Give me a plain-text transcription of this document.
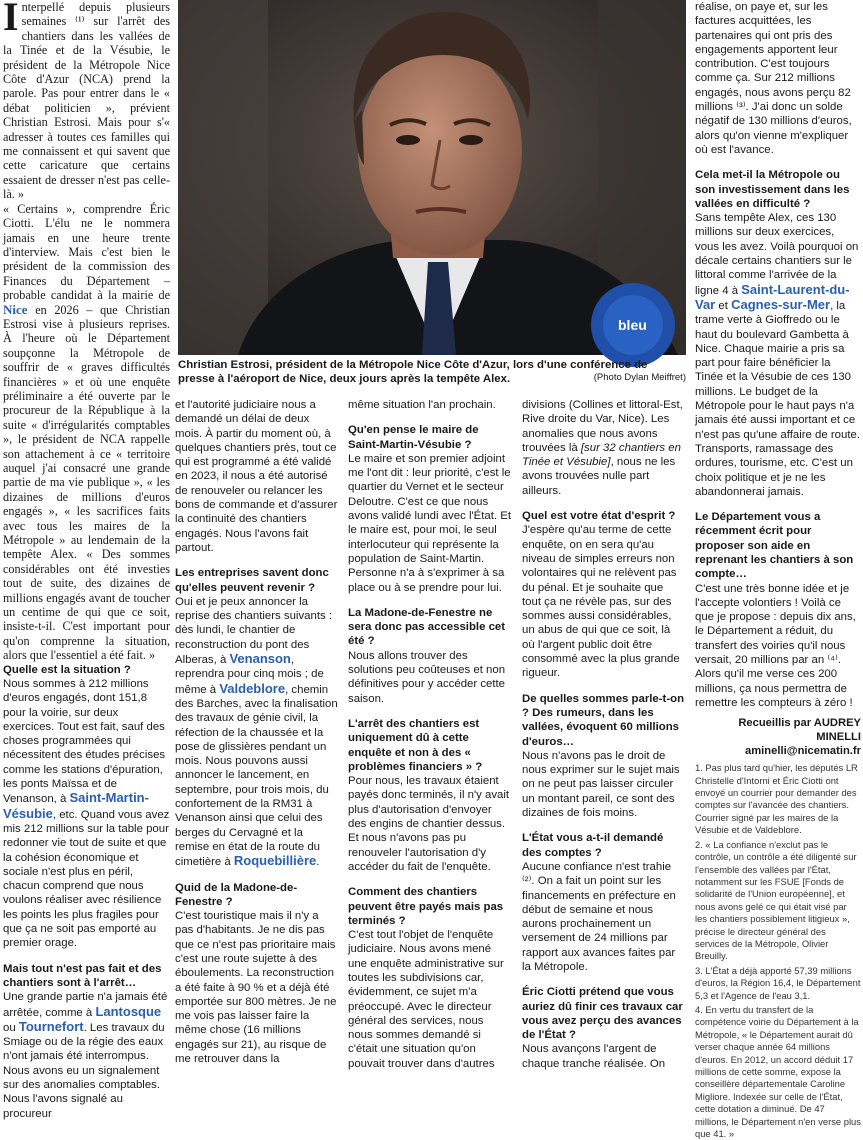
bleu
Christian Estrosi, président de la Métropole Nice Côte d'Azur, lors d'une conférence de presse à l'aéroport de Nice, deux jours après la tempête Alex.	(Photo Dylan Meiffret)

Interpellé depuis plusieurs semaines ⁽¹⁾ sur l'arrêt des chantiers dans les vallées de la Tinée et de la Vésubie, le président de la Métropole Nice Côte d'Azur (NCA) prend la parole. Pas pour entrer dans le « débat politicien », prévient Christian Estrosi. Mais pour s'« adresser à toutes ces familles qui me connaissent et qui savent que cette caricature que certains essaient de dresser n'est pas celle-là. »

« Certains », comprendre Éric Ciotti. L'élu ne le nommera jamais en une heure trente d'interview. Mais c'est bien le président de la commission des Finances du Département – probable candidat à la mairie de Nice en 2026 – que Christian Estrosi vise à plusieurs reprises. À l'heure où le Département soupçonne la Métropole de souffrir de « graves difficultés financières » et où une enquête préliminaire a été ouverte par le procureur de la République à la suite « d'irrégularités comptables », le président de NCA rappelle son attachement à ce « territoire auquel j'ai consacré une grande partie de ma vie publique », « les dizaines de millions d'euros engagés », « les sacrifices faits avec tous les maires de la Métropole » au lendemain de la tempête Alex. « Des sommes considérables ont été investies tout de suite, des dizaines de millions engagés avant de toucher un centime de qui que ce soit, insiste-t-il. C'est important pour qu'on comprenne la situation, alors que l'essentiel a été fait. »

Quelle est la situation ?

Nous sommes à 212 millions d'euros engagés, dont 151,8 pour la voirie, sur deux exercices. Tout est fait, sauf des choses programmées qui nécessitent des études précises comme les stations d'épuration, les ponts Maïssa et de Venanson, à Saint-Martin-Vésubie, etc. Quand vous avez mis 212 millions sur la table pour redonner vie tout de suite et que la cohésion économique et sociale n'est plus en péril, chacun comprend que nous voulons réaliser avec résilience les points les plus fragiles pour que ça ne soit pas emporté au premier orage.

Mais tout n'est pas fait et des chantiers sont à l'arrêt…

Une grande partie n'a jamais été arrêtée, comme à Lantosque ou Tournefort. Les travaux du Smiage ou de la régie des eaux n'ont jamais été interrompus. Nous avons eu un signalement sur des anomalies comptables. Nous l'avons signalé au procureur

et l'autorité judiciaire nous a demandé un délai de deux mois. À partir du moment où, à quelques chantiers près, tout ce qui est programmé a été validé en 2023, il nous a été autorisé de renouveler ou relancer les bons de commande et d'assurer la continuité des chantiers engagés. Nous l'avons fait partout.

Les entreprises savent donc qu'elles peuvent revenir ?

Oui et je peux annoncer la reprise des chantiers suivants : dès lundi, le chantier de reconstruction du pont des Alberas, à Venanson, reprendra pour cinq mois ; de même à Valdeblore, chemin des Barches, avec la finalisation des travaux de génie civil, la réfection de la chaussée et la pose de glissières pendant un mois. Nous pouvons aussi annoncer le lancement, en septembre, pour trois mois, du confortement de la RM31 à Venanson ainsi que celui des berges du Cervagné et la remise en état de la route du cimetière à Roquebillière.

Quid de la Madone-de-Fenestre ?

C'est touristique mais il n'y a pas d'habitants. Je ne dis pas que ce n'est pas prioritaire mais c'est une route sujette à des éboulements. La reconstruction a été faite à 90 % et a déjà été emportée sur 800 mètres. Je ne me vois pas laisser faire la même chose (16 millions engagés sur 21), au risque de me retrouver dans la

même situation l'an prochain.

Qu'en pense le maire de Saint-Martin-Vésubie ?

Le maire et son premier adjoint me l'ont dit : leur priorité, c'est le quartier du Vernet et le secteur Deloutre. C'est ce que nous avons validé lundi avec l'État. Et le maire est, pour moi, le seul interlocuteur qui représente la population de Saint-Martin. Personne n'a à s'exprimer à sa place ou à se prendre pour lui.

La Madone-de-Fenestre ne sera donc pas accessible cet été ?

Nous allons trouver des solutions peu coûteuses et non définitives pour y accéder cette saison.

L'arrêt des chantiers est uniquement dû à cette enquête et non à des « problèmes financiers » ?

Pour nous, les travaux étaient payés donc terminés, il n'y avait plus d'autorisation d'envoyer des engins de chantier dessus. Et nous n'avons pas pu renouveler l'autorisation d'y accéder du fait de l'enquête.

Comment des chantiers peuvent être payés mais pas terminés ?

C'est tout l'objet de l'enquête judiciaire. Nous avons mené une enquête administrative sur toutes les subdivisions car, évidemment, ce sujet m'a préoccupé. Avec le directeur général des services, nous nous sommes demandé si c'était une situation qu'on pouvait trouver dans d'autres

divisions (Collines et littoral-Est, Rive droite du Var, Nice). Les anomalies que nous avons trouvées là [sur 32 chantiers en Tinée et Vésubie], nous ne les avons trouvées nulle part ailleurs.

Quel est votre état d'esprit ?

J'espère qu'au terme de cette enquête, on en sera qu'au niveau de simples erreurs non volontaires qui ne relèvent pas du pénal. Et je souhaite que tout ça ne révèle pas, sur des sommes aussi considérables, un abus de qui que ce soit, là où l'argent public doit être consommé avec la plus grande rigueur.

De quelles sommes parle-t-on ? Des rumeurs, dans les vallées, évoquent 60 millions d'euros…

Nous n'avons pas le droit de nous exprimer sur le sujet mais on ne peut pas laisser circuler un montant pareil, ce sont des dizaines de fois moins.

L'État vous a-t-il demandé des comptes ?

Aucune confiance n'est trahie ⁽²⁾. On a fait un point sur les financements en préfecture en début de semaine et nous aurons prochainement un versement de 24 millions par rapport aux avances faites par la Métropole.

Éric Ciotti prétend que vous auriez dû finir ces travaux car vous avez perçu des avances de l'État ?

Nous avançons l'argent de chaque tranche réalisée. On

réalise, on paye et, sur les factures acquittées, les partenaires qui ont pris des engagements apportent leur contribution. C'est toujours comme ça. Sur 212 millions engagés, nous avons perçu 82 millions ⁽³⁾. J'ai donc un solde négatif de 130 millions d'euros, alors qu'on vienne m'expliquer où est l'avance.

Cela met-il la Métropole ou son investissement dans les vallées en difficulté ?

Sans tempête Alex, ces 130 millions sur deux exercices, vous les avez. Voilà pourquoi on décale certains chantiers sur le littoral comme l'arrivée de la ligne 4 à Saint-Laurent-du-Var et Cagnes-sur-Mer, la trame verte à Gioffredo ou le haut du boulevard Gambetta à Nice. Chaque mairie a pris sa part pour faire bénéficier la Tinée et la Vésubie de ces 130 millions. Le budget de la Métropole pour le haut pays n'a jamais été aussi important et ce n'est pas qu'une affaire de route. Transports, ramassage des ordures, tourisme, etc. C'est un choix politique et je ne les abandonnerai jamais.

Le Département vous a récemment écrit pour proposer son aide en reprenant les chantiers à son compte…

C'est une très bonne idée et je l'accepte volontiers ! Voilà ce que je propose : depuis dix ans, le Département a réduit, du transfert des voiries qu'il nous versait, 20 millions par an ⁽⁴⁾. Alors qu'il me verse ces 200 millions, ça nous permettra de remettre les compteurs à zéro !

Recueillis par AUDREY MINELLI
aminelli@nicematin.fr
1. Pas plus tard qu'hier, les députés LR Christelle d'Intorni et Éric Ciotti ont envoyé un courrier pour demander des comptes sur l'avancée des chantiers. Courrier signé par les maires de la Vésubie et de Valdeblore.
2. « La confiance n'exclut pas le contrôle, un contrôle a été diligenté sur l'ensemble des vallées par l'État, notamment sur les FSUE [Fonds de solidarité de l'Union européenne], et nous avons gelé ce qui était visé par les chantiers possiblement litigieux », précise le directeur général des services de la Métropole, Olivier Breuilly.
3. L'État a déjà apporté 57,39 millions d'euros, la Région 16,4, le Département 5,3 et l'Agence de l'eau 3,1.
4. En vertu du transfert de la compétence voirie du Département à la Métropole, « le Département aurait dû verser chaque année 64 millions d'euros. En 2012, un accord déduit 17 millions de cette somme, expose la conseillère départementale Caroline Migliore. Indexée sur celle de l'État, cette dotation a diminué. De 47 millions, le Département n'en verse plus que 41. »
